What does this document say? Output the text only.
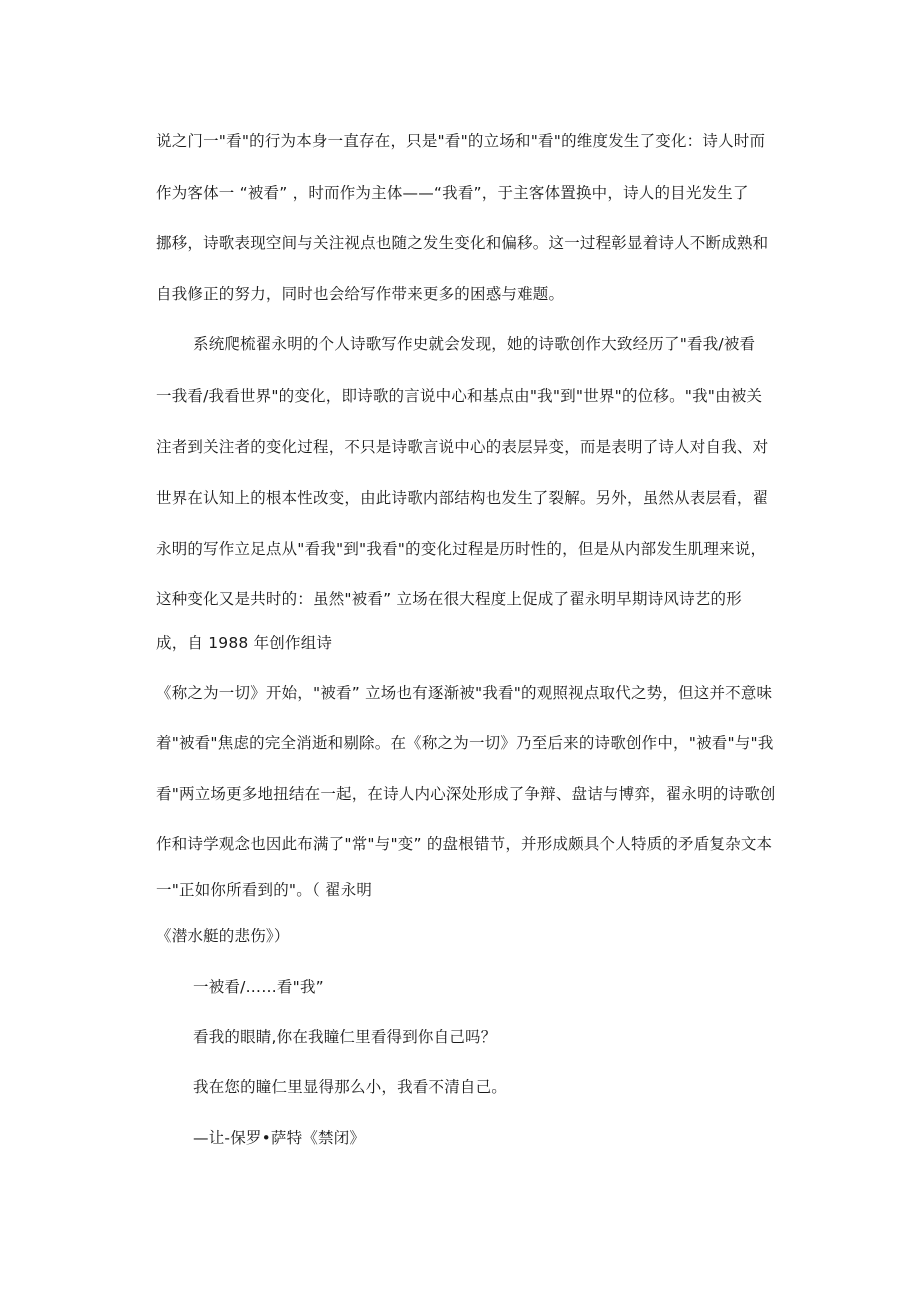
说之门一"看"的行为本身一直存在，只是"看"的立场和"看"的维度发生了变化：诗人时而
作为客体一 “被看” ，时而作为主体——“我看”，于主客体置换中，诗人的目光发生了
挪移，诗歌表现空间与关注视点也随之发生变化和偏移。这一过程彰显着诗人不断成熟和
自我修正的努力，同时也会给写作带来更多的困惑与难题。
系统爬梳翟永明的个人诗歌写作史就会发现，她的诗歌创作大致经历了"看我/被看
一我看/我看世界"的变化，即诗歌的言说中心和基点由"我"到"世界"的位移。"我"由被关
注者到关注者的变化过程，不只是诗歌言说中心的表层异变，而是表明了诗人对自我、对
世界在认知上的根本性改变，由此诗歌内部结构也发生了裂解。另外，虽然从表层看，翟
永明的写作立足点从"看我"到"我看"的变化过程是历时性的，但是从内部发生肌理来说，
这种变化又是共时的：虽然"被看” 立场在很大程度上促成了翟永明早期诗风诗艺的形
成，自 1988 年创作组诗
《称之为一切》开始，"被看” 立场也有逐渐被"我看"的观照视点取代之势，但这并不意味
着"被看"焦虑的完全消逝和剔除。在《称之为一切》乃至后来的诗歌创作中，"被看"与"我
看"两立场更多地扭结在一起，在诗人内心深处形成了争辩、盘诘与博弈，翟永明的诗歌创
作和诗学观念也因此布满了"常"与"变” 的盘根错节，并形成颇具个人特质的矛盾复杂文本
一"正如你所看到的"。（ 翟永明
《潜水艇的悲伤》）
一被看/……看"我”
看我的眼睛,你在我瞳仁里看得到你自己吗？
我在您的瞳仁里显得那么小，我看不清自己。
—让-保罗•萨特《禁闭》
